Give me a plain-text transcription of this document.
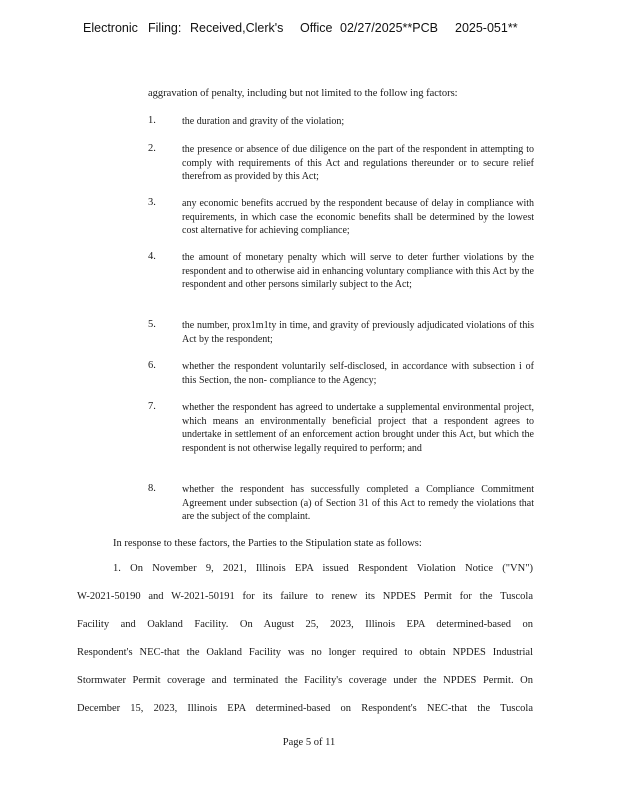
Electronic Filing: Received,Clerk's Office 02/27/2025**PCB 2025-051**
aggravation of penalty, including but not limited to the follow ing factors:
1.	the duration and gravity of the violation;
2.	the presence or absence of due diligence on the part of the respondent in attempting to comply with requirements of this Act and regulations thereunder or to secure relief therefrom as provided by this Act;
3.	any economic benefits accrued by the respondent because of delay in compliance with requirements, in which case the economic benefits shall be determined by the lowest cost alternative for achieving compliance;
4.	the amount of monetary penalty which will serve to deter further violations by the respondent and to otherwise aid in enhancing voluntary compliance with this Act by the respondent and other persons similarly subject to the Act;
5.	the number, prox1m1ty in time, and gravity of previously adjudicated violations of this Act by the respondent;
6.	whether the respondent voluntarily self-disclosed, in accordance with subsection i of this Section, the non- compliance to the Agency;
7.	whether the respondent has agreed to undertake a supplemental environmental project, which means an environmentally beneficial project that a respondent agrees to undertake in settlement of an enforcement action brought under this Act, but which the respondent is not otherwise legally required to perform; and
8.	whether the respondent has successfully completed a Compliance Commitment Agreement under subsection (a) of Section 31 of this Act to remedy the violations that are the subject of the complaint.
In response to these factors, the Parties to the Stipulation state as follows:
1. On November 9, 2021, Illinois EPA issued Respondent Violation Notice ("VN")
W-2021-50190 and W-2021-50191 for its failure to renew its NPDES Permit for the Tuscola
Facility and Oakland Facility. On August 25, 2023, Illinois EPA determined-based on
Respondent's NEC-that the Oakland Facility was no longer required to obtain NPDES Industrial
Stormwater Permit coverage and terminated the Facility's coverage under the NPDES Permit. On
December 15, 2023, Illinois EPA determined-based on Respondent's NEC-that the Tuscola
Page 5 of 11
